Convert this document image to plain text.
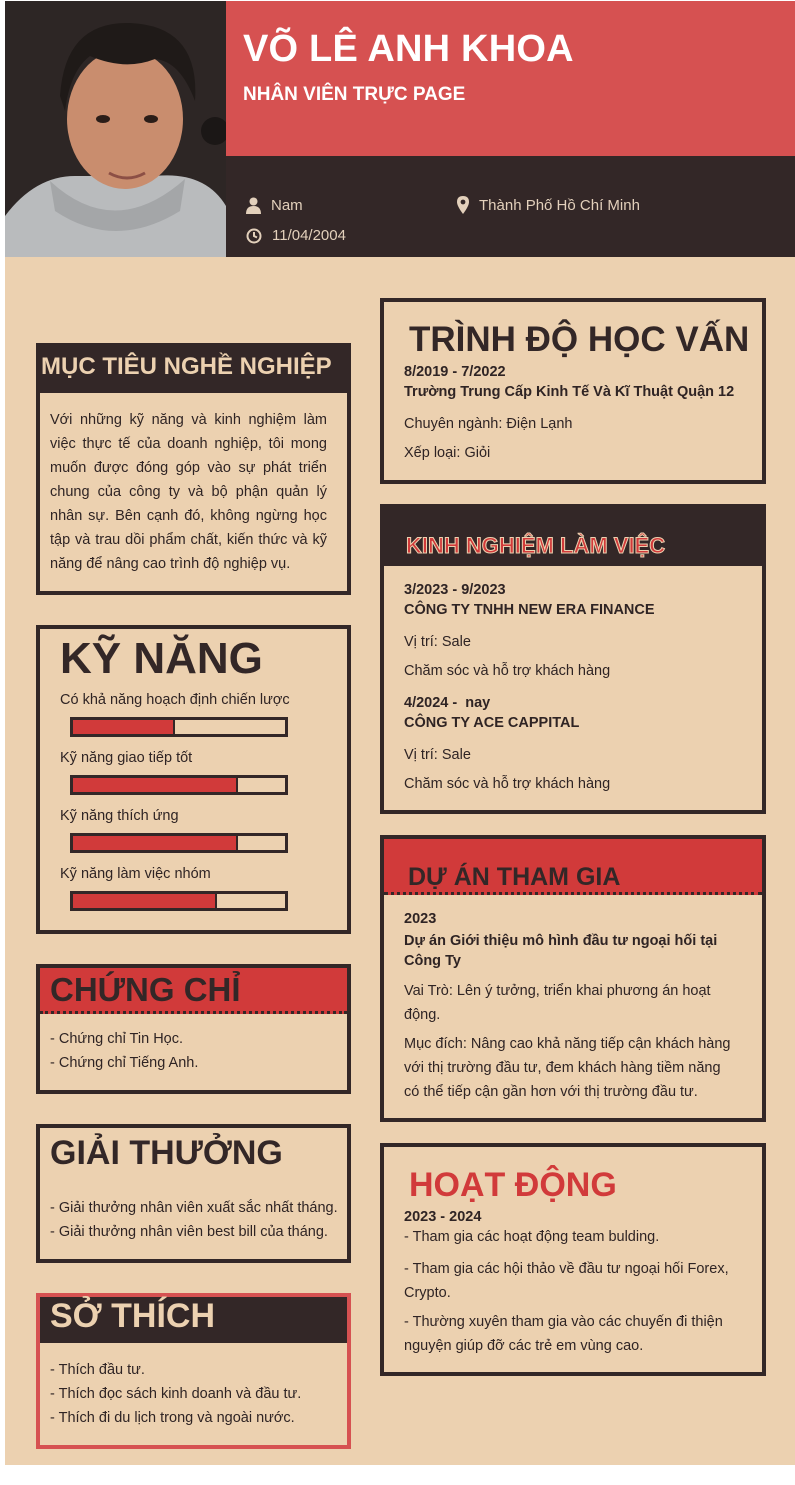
VÕ LÊ ANH KHOA
NHÂN VIÊN TRỰC PAGE
Nam	Thành Phố Hồ Chí Minh
11/04/2004
MỤC TIÊU NGHỀ NGHIỆP
Với những kỹ năng và kinh nghiệm làm việc thực tế của doanh nghiệp, tôi mong muốn được đóng góp vào sự phát triển chung của công ty và bộ phận quản lý nhân sự. Bên cạnh đó, không ngừng học tập và trau dồi phẩm chất, kiến thức và kỹ năng để nâng cao trình độ nghiệp vụ.
KỸ NĂNG
Có khả năng hoạch định chiến lược
Kỹ năng giao tiếp tốt
Kỹ năng thích ứng
Kỹ năng làm việc nhóm
CHỨNG CHỈ
- Chứng chỉ Tin Học.
- Chứng chỉ Tiếng Anh.
GIẢI THƯỞNG
- Giải thưởng nhân viên xuất sắc nhất tháng.
- Giải thưởng nhân viên best bill của tháng.
SỞ THÍCH
- Thích đầu tư.
- Thích đọc sách kinh doanh và đầu tư.
- Thích đi du lịch trong và ngoài nước.
TRÌNH ĐỘ HỌC VẤN
8/2019 - 7/2022
Trường Trung Cấp Kinh Tế Và Kĩ Thuật Quận 12
Chuyên ngành: Điện Lạnh
Xếp loại: Giỏi
KINH NGHIỆM LÀM VIỆC
3/2023 - 9/2023
CÔNG TY TNHH NEW ERA FINANCE
Vị trí: Sale
Chăm sóc và hỗ trợ khách hàng
4/2024 -  nay
CÔNG TY ACE CAPPITAL
Vị trí: Sale
Chăm sóc và hỗ trợ khách hàng
DỰ ÁN THAM GIA
2023
Dự án Giới thiệu mô hình đầu tư ngoại hối tại Công Ty
Vai Trò: Lên ý tưởng, triển khai phương án hoạt động.
Mục đích: Nâng cao khả năng tiếp cận khách hàng với thị trường đầu tư, đem khách hàng tiềm năng có thể tiếp cận gần hơn với thị trường đầu tư.
HOẠT ĐỘNG
2023 - 2024
- Tham gia các hoạt động team bulding.
- Tham gia các hội thảo về đầu tư ngoại hối Forex, Crypto.
- Thường xuyên tham gia vào các chuyến đi thiện nguyện giúp đỡ các trẻ em vùng cao.
